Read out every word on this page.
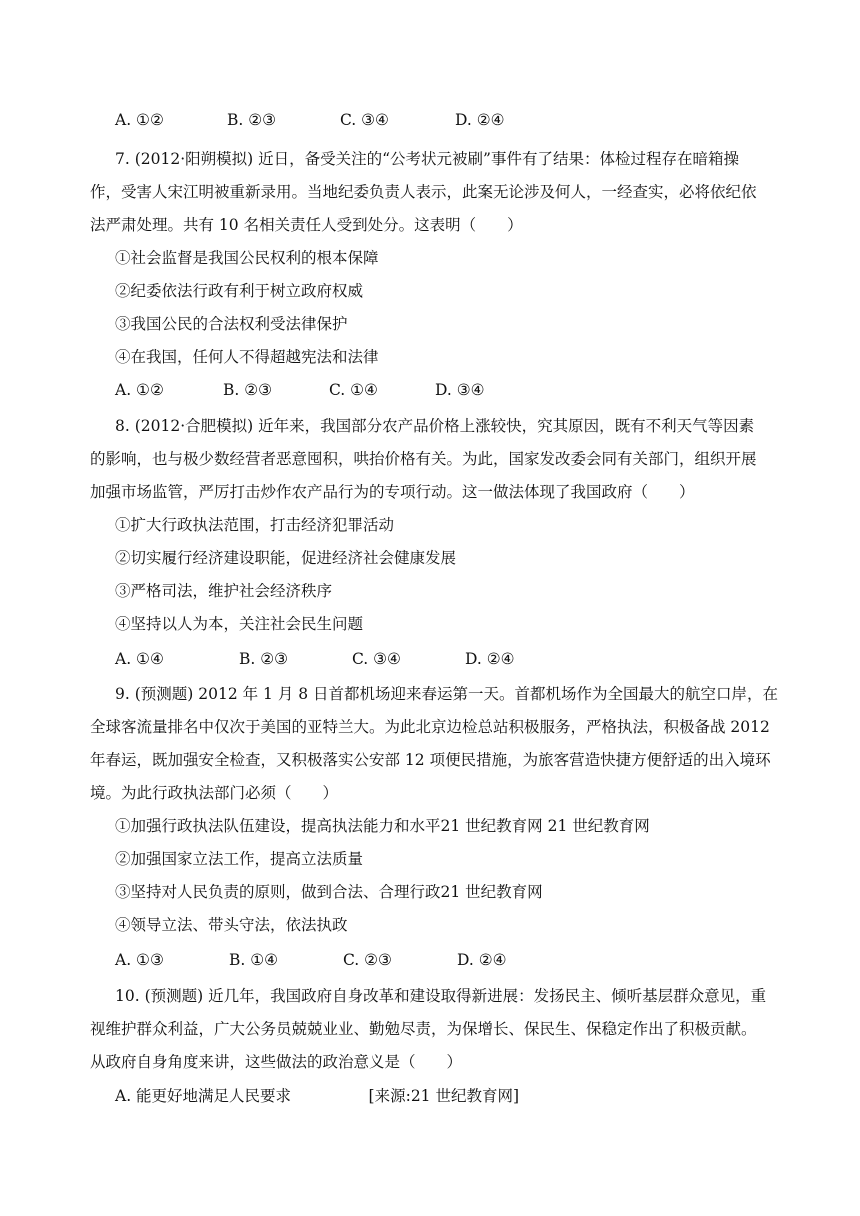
A. ①②	B. ②③	C. ③④	D. ②④
7. (2012·阳朔模拟) 近日，备受关注的“公考状元被刷”事件有了结果：体检过程存在暗箱操
作，受害人宋江明被重新录用。当地纪委负责人表示，此案无论涉及何人，一经查实，必将依纪依
法严肃处理。共有 10 名相关责任人受到处分。这表明（　　）
①社会监督是我国公民权利的根本保障
②纪委依法行政有利于树立政府权威
③我国公民的合法权利受法律保护
④在我国，任何人不得超越宪法和法律
A. ①②	B. ②③	C. ①④	D. ③④
8. (2012·合肥模拟) 近年来，我国部分农产品价格上涨较快，究其原因，既有不利天气等因素
的影响，也与极少数经营者恶意囤积，哄抬价格有关。为此，国家发改委会同有关部门，组织开展
加强市场监管，严厉打击炒作农产品行为的专项行动。这一做法体现了我国政府（　　）
①扩大行政执法范围，打击经济犯罪活动
②切实履行经济建设职能，促进经济社会健康发展
③严格司法，维护社会经济秩序
④坚持以人为本，关注社会民生问题
A. ①④	B. ②③	C. ③④	D. ②④
9. (预测题) 2012 年 1 月 8 日首都机场迎来春运第一天。首都机场作为全国最大的航空口岸，在
全球客流量排名中仅次于美国的亚特兰大。为此北京边检总站积极服务，严格执法，积极备战 2012
年春运，既加强安全检查，又积极落实公安部 12 项便民措施，为旅客营造快捷方便舒适的出入境环
境。为此行政执法部门必须（　　）
①加强行政执法队伍建设，提高执法能力和水平21 世纪教育网 21 世纪教育网
②加强国家立法工作，提高立法质量
③坚持对人民负责的原则，做到合法、合理行政21 世纪教育网
④领导立法、带头守法，依法执政
A. ①③	B. ①④	C. ②③	D. ②④
10. (预测题) 近几年，我国政府自身改革和建设取得新进展：发扬民主、倾听基层群众意见，重
视维护群众利益，广大公务员兢兢业业、勤勉尽责，为保增长、保民生、保稳定作出了积极贡献。
从政府自身角度来讲，这些做法的政治意义是（　　）
A. 能更好地满足人民要求　　　　　[来源:21 世纪教育网]
